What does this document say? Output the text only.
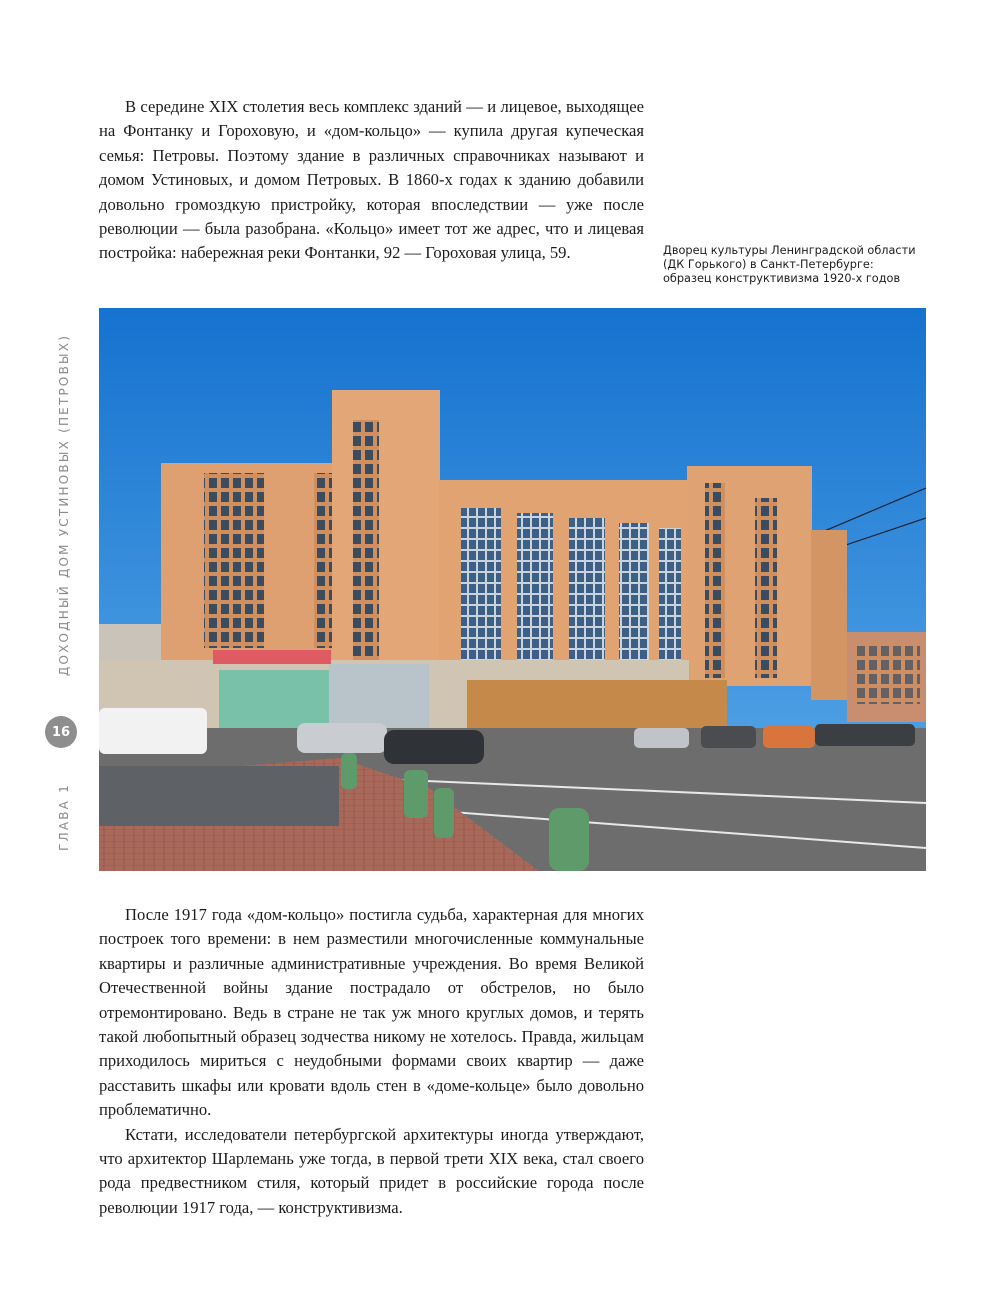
В середине XIX столетия весь комплекс зданий — и лицевое, выходящее на Фонтанку и Гороховую, и «дом-кольцо» — купила другая купеческая семья: Петровы. Поэтому здание в различных справочниках называют и домом Устиновых, и домом Петровых. В 1860-х годах к зданию добавили довольно громоздкую пристройку, которая впоследствии — уже после революции — была разобрана. «Кольцо» имеет тот же адрес, что и лицевая постройка: набережная реки Фонтанки, 92 — Гороховая улица, 59.	Дворец культуры Ленинградской области (ДК Горького) в Санкт-Петербурге: образец конструктивизма 1920-х годов

После 1917 года «дом-кольцо» постигла судьба, характерная для многих построек того времени: в нем разместили многочисленные коммунальные квартиры и различные административные учреждения. Во время Великой Отечественной войны здание пострадало от обстрелов, но было отремонтировано. Ведь в стране не так уж много круглых домов, и терять такой любопытный образец зодчества никому не хотелось. Правда, жильцам приходилось мириться с неудобными формами своих квартир — даже расставить шкафы или кровати вдоль стен в «доме-кольце» было довольно проблематично.

Кстати, исследователи петербургской архитектуры иногда утверждают, что архитектор Шарлемань уже тогда, в первой трети XIX века, стал своего рода предвестником стиля, который придет в российские города после революции 1917 года, — конструктивизма.

ДОХОДНЫЙ ДОМ УСТИНОВЫХ (ПЕТРОВЫХ)
16
ГЛАВА 1
